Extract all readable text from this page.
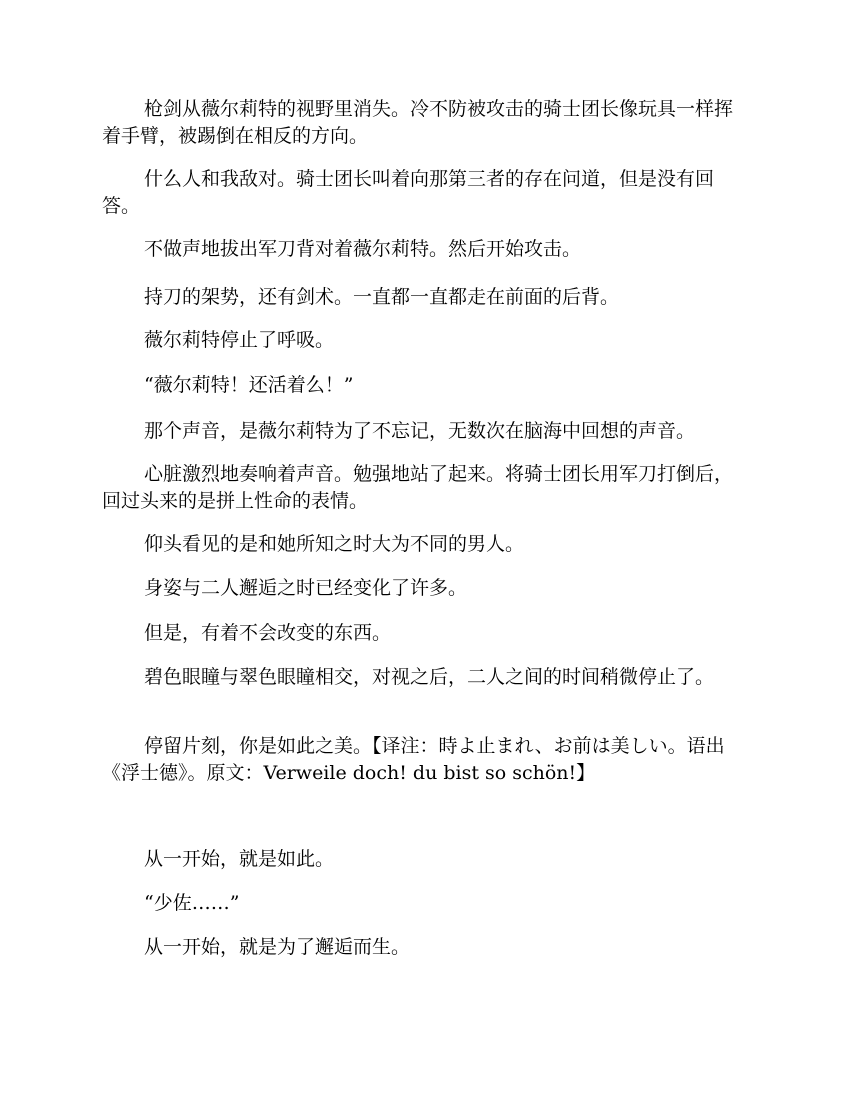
枪剑从薇尔莉特的视野里消失。冷不防被攻击的骑士团长像玩具一样挥着手臂，被踢倒在相反的方向。

什么人和我敌对。骑士团长叫着向那第三者的存在问道，但是没有回答。

不做声地拔出军刀背对着薇尔莉特。然后开始攻击。

持刀的架势，还有剑术。一直都一直都走在前面的后背。

薇尔莉特停止了呼吸。

“薇尔莉特！还活着么！”

那个声音，是薇尔莉特为了不忘记，无数次在脑海中回想的声音。

心脏激烈地奏响着声音。勉强地站了起来。将骑士团长用军刀打倒后，回过头来的是拼上性命的表情。

仰头看见的是和她所知之时大为不同的男人。

身姿与二人邂逅之时已经变化了许多。

但是，有着不会改变的东西。

碧色眼瞳与翠色眼瞳相交，对视之后，二人之间的时间稍微停止了。

停留片刻，你是如此之美。【译注：時よ止まれ、お前は美しい。语出《浮士德》。原文：Verweile doch! du bist so schön!】

从一开始，就是如此。

“少佐……”

从一开始，就是为了邂逅而生。
